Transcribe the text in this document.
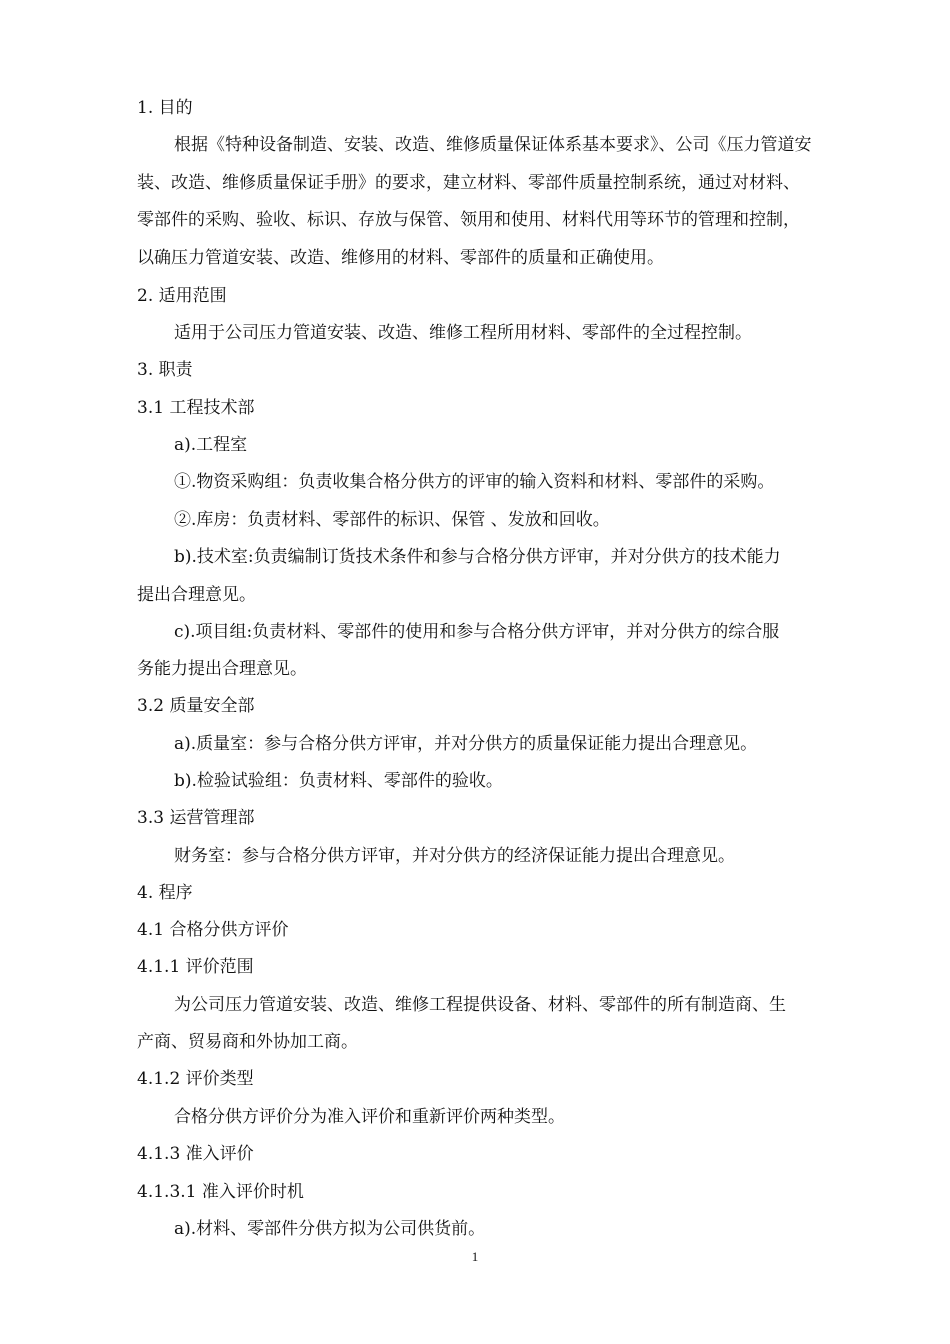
1. 目的
根据《特种设备制造、安装、改造、维修质量保证体系基本要求》、公司《压力管道安
装、改造、维修质量保证手册》的要求，建立材料、零部件质量控制系统，通过对材料、
零部件的采购、验收、标识、存放与保管、领用和使用、材料代用等环节的管理和控制，
以确压力管道安装、改造、维修用的材料、零部件的质量和正确使用。
2. 适用范围
适用于公司压力管道安装、改造、维修工程所用材料、零部件的全过程控制。
3. 职责
3.1 工程技术部
a).工程室
①.物资采购组：负责收集合格分供方的评审的输入资料和材料、零部件的采购。
②.库房：负责材料、零部件的标识、保管 、发放和回收。
b).技术室:负责编制订货技术条件和参与合格分供方评审，并对分供方的技术能力
提出合理意见。
c).项目组:负责材料、零部件的使用和参与合格分供方评审，并对分供方的综合服
务能力提出合理意见。
3.2 质量安全部
a).质量室：参与合格分供方评审，并对分供方的质量保证能力提出合理意见。
b).检验试验组：负责材料、零部件的验收。
3.3 运营管理部
财务室：参与合格分供方评审，并对分供方的经济保证能力提出合理意见。
4. 程序
4.1 合格分供方评价
4.1.1 评价范围
为公司压力管道安装、改造、维修工程提供设备、材料、零部件的所有制造商、生
产商、贸易商和外协加工商。
4.1.2 评价类型
合格分供方评价分为准入评价和重新评价两种类型。
4.1.3 准入评价
4.1.3.1 准入评价时机
a).材料、零部件分供方拟为公司供货前。
1
